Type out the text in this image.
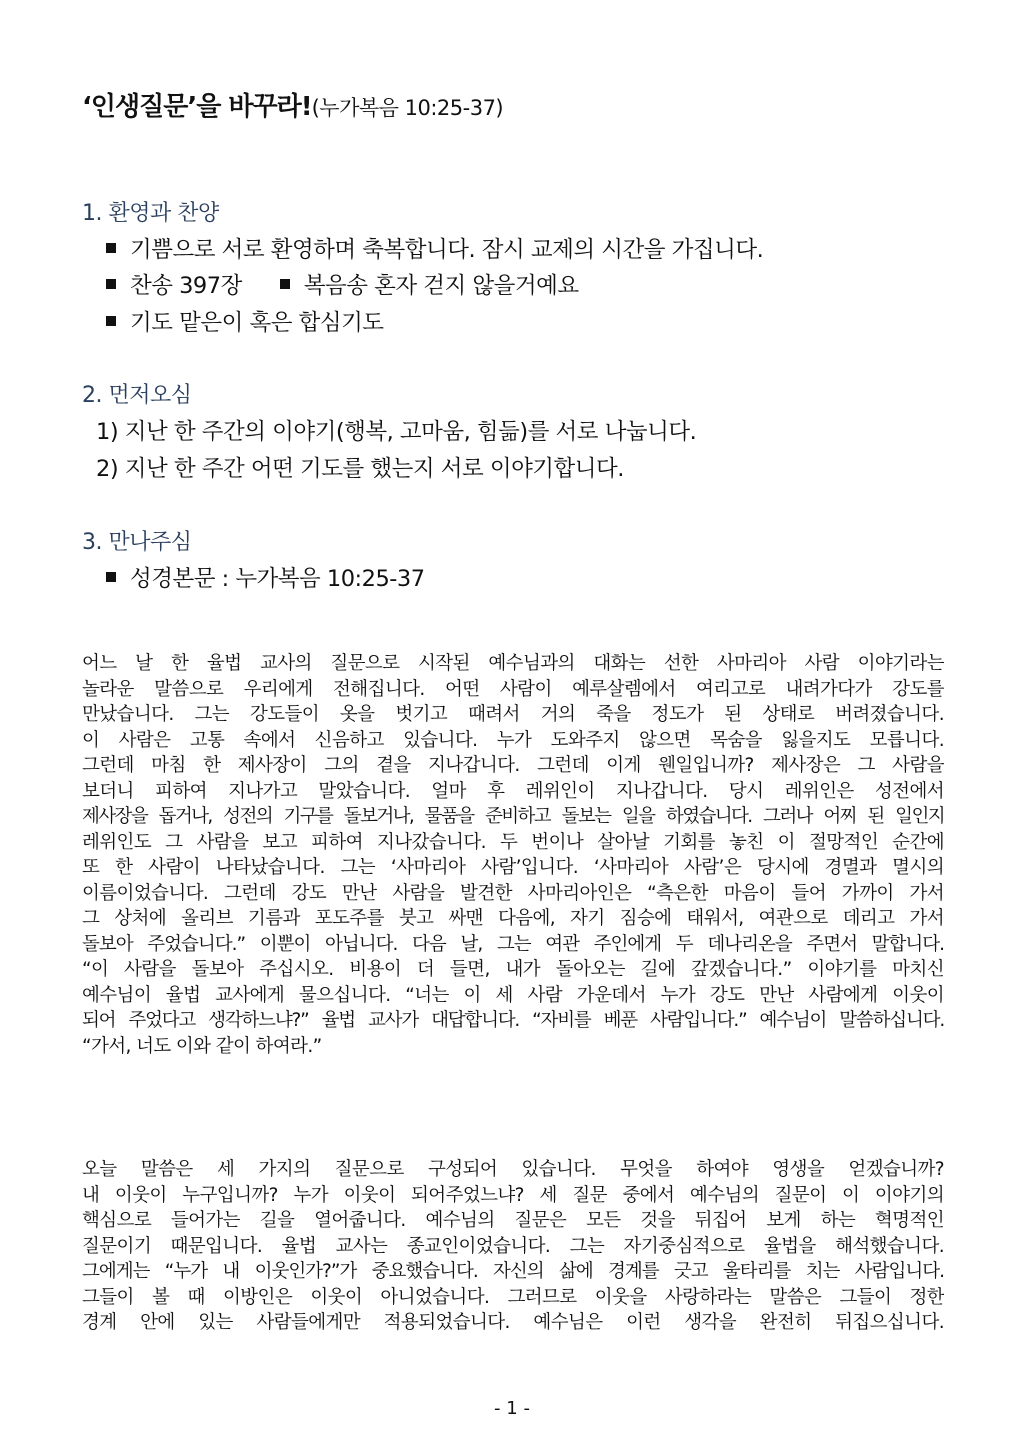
‘인생질문’을 바꾸라!(누가복음 10:25-37)
1. 환영과 찬양
기쁨으로 서로 환영하며 축복합니다. 잠시 교제의 시간을 가집니다.
찬송 397장	복음송 혼자 걷지 않을거예요
기도 맡은이 혹은 합심기도
2. 먼저오심
1) 지난 한 주간의 이야기(행복, 고마움, 힘듦)를 서로 나눕니다.
2) 지난 한 주간 어떤 기도를 했는지 서로 이야기합니다.
3. 만나주심
성경본문 : 누가복음 10:25-37
어느 날 한 율법 교사의 질문으로 시작된 예수님과의 대화는 선한 사마리아 사람 이야기라는
놀라운 말씀으로 우리에게 전해집니다. 어떤 사람이 예루살렘에서 여리고로 내려가다가 강도를
만났습니다. 그는 강도들이 옷을 벗기고 때려서 거의 죽을 정도가 된 상태로 버려졌습니다.
이 사람은 고통 속에서 신음하고 있습니다. 누가 도와주지 않으면 목숨을 잃을지도 모릅니다.
그런데 마침 한 제사장이 그의 곁을 지나갑니다. 그런데 이게 웬일입니까? 제사장은 그 사람을
보더니 피하여 지나가고 말았습니다. 얼마 후 레위인이 지나갑니다. 당시 레위인은 성전에서
제사장을 돕거나, 성전의 기구를 돌보거나, 물품을 준비하고 돌보는 일을 하였습니다. 그러나 어찌 된 일인지
레위인도 그 사람을 보고 피하여 지나갔습니다. 두 번이나 살아날 기회를 놓친 이 절망적인 순간에
또 한 사람이 나타났습니다. 그는 ‘사마리아 사람’입니다. ‘사마리아 사람’은 당시에 경멸과 멸시의
이름이었습니다. 그런데 강도 만난 사람을 발견한 사마리아인은 “측은한 마음이 들어 가까이 가서
그 상처에 올리브 기름과 포도주를 붓고 싸맨 다음에, 자기 짐승에 태워서, 여관으로 데리고 가서
돌보아 주었습니다.” 이뿐이 아닙니다. 다음 날, 그는 여관 주인에게 두 데나리온을 주면서 말합니다.
“이 사람을 돌보아 주십시오. 비용이 더 들면, 내가 돌아오는 길에 갚겠습니다.” 이야기를 마치신
예수님이 율법 교사에게 물으십니다. “너는 이 세 사람 가운데서 누가 강도 만난 사람에게 이웃이
되어 주었다고 생각하느냐?” 율법 교사가 대답합니다. “자비를 베푼 사람입니다.” 예수님이 말씀하십니다.
“가서, 너도 이와 같이 하여라.”
오늘 말씀은 세 가지의 질문으로 구성되어 있습니다. 무엇을 하여야 영생을 얻겠습니까?
내 이웃이 누구입니까? 누가 이웃이 되어주었느냐? 세 질문 중에서 예수님의 질문이 이 이야기의
핵심으로 들어가는 길을 열어줍니다. 예수님의 질문은 모든 것을 뒤집어 보게 하는 혁명적인
질문이기 때문입니다. 율법 교사는 종교인이었습니다. 그는 자기중심적으로 율법을 해석했습니다.
그에게는 “누가 내 이웃인가?”가 중요했습니다. 자신의 삶에 경계를 긋고 울타리를 치는 사람입니다.
그들이 볼 때 이방인은 이웃이 아니었습니다. 그러므로 이웃을 사랑하라는 말씀은 그들이 정한
경계 안에 있는 사람들에게만 적용되었습니다. 예수님은 이런 생각을 완전히 뒤집으십니다.
- 1 -
